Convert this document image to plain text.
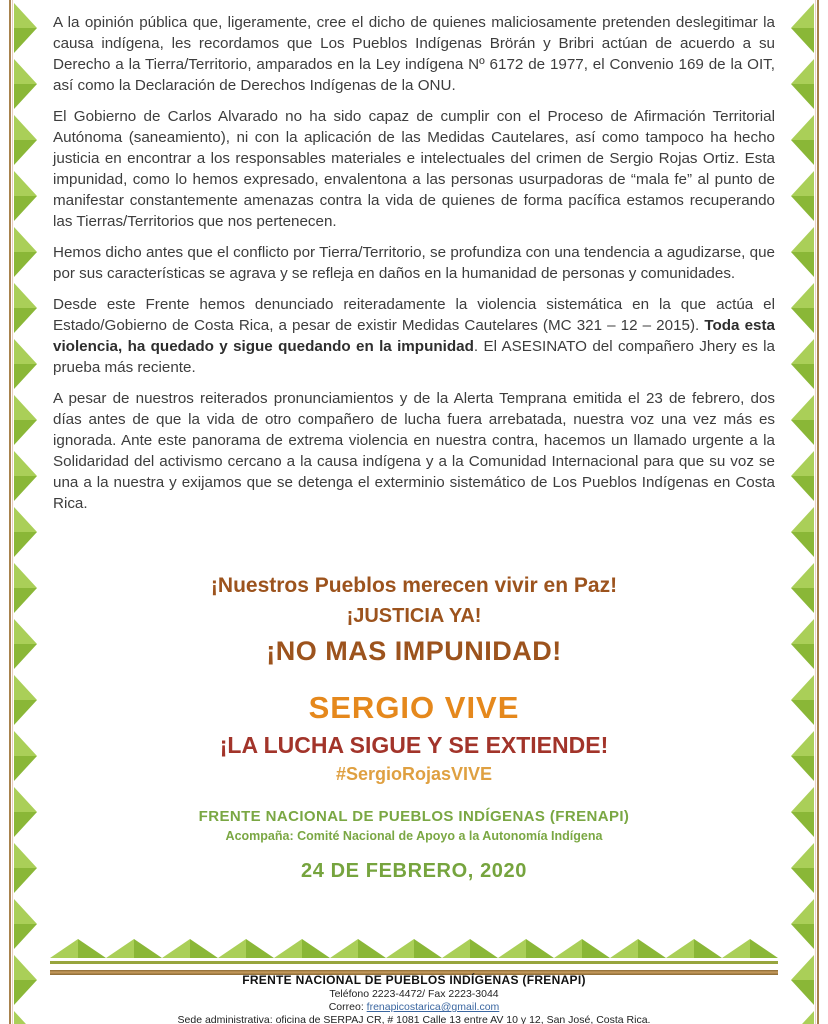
A la opinión pública que, ligeramente, cree el dicho de quienes maliciosamente pretenden deslegitimar la causa indígena, les recordamos que Los Pueblos Indígenas Brörán y Bribri actúan de acuerdo a su Derecho a la Tierra/Territorio, amparados en la Ley indígena Nº 6172 de 1977, el Convenio 169 de la OIT, así como la Declaración de Derechos Indígenas de la ONU.

El Gobierno de Carlos Alvarado no ha sido capaz de cumplir con el Proceso de Afirmación Territorial Autónoma (saneamiento), ni con la aplicación de las Medidas Cautelares, así como tampoco ha hecho justicia en encontrar a los responsables materiales e intelectuales del crimen de Sergio Rojas Ortiz. Esta impunidad, como lo hemos expresado, envalentona a las personas usurpadoras de “mala fe” al punto de manifestar constantemente amenazas contra la vida de quienes de forma pacífica estamos recuperando las Tierras/Territorios que nos pertenecen.

Hemos dicho antes que el conflicto por Tierra/Territorio, se profundiza con una tendencia a agudizarse, que por sus características se agrava y se refleja en daños en la humanidad de personas y comunidades.

Desde este Frente hemos denunciado reiteradamente la violencia sistemática en la que actúa el Estado/Gobierno de Costa Rica, a pesar de existir Medidas Cautelares (MC 321 – 12 – 2015). Toda esta violencia, ha quedado y sigue quedando en la impunidad. El ASESINATO del compañero Jhery es la prueba más reciente.

A pesar de nuestros reiterados pronunciamientos y de la Alerta Temprana emitida el 23 de febrero, dos días antes de que la vida de otro compañero de lucha fuera arrebatada, nuestra voz una vez más es ignorada. Ante este panorama de extrema violencia en nuestra contra, hacemos un llamado urgente a la Solidaridad del activismo cercano a la causa indígena y a la Comunidad Internacional para que su voz se una a la nuestra y exijamos que se detenga el exterminio sistemático de Los Pueblos Indígenas en Costa Rica.

¡Nuestros Pueblos merecen vivir en Paz!
¡JUSTICIA YA!
¡NO MAS IMPUNIDAD!
SERGIO VIVE
¡LA LUCHA SIGUE Y SE EXTIENDE!
#SergioRojasVIVE
FRENTE NACIONAL DE PUEBLOS INDÍGENAS (FRENAPI)
Acompaña: Comité Nacional de Apoyo a la Autonomía Indígena
24 DE FEBRERO, 2020
FRENTE NACIONAL DE PUEBLOS INDÍGENAS (FRENAPI)
Teléfono 2223-4472/ Fax 2223-3044
Correo: frenapicostarica@gmail.com
Sede administrativa: oficina de SERPAJ CR, # 1081 Calle 13 entre AV 10 y 12, San José, Costa Rica.
